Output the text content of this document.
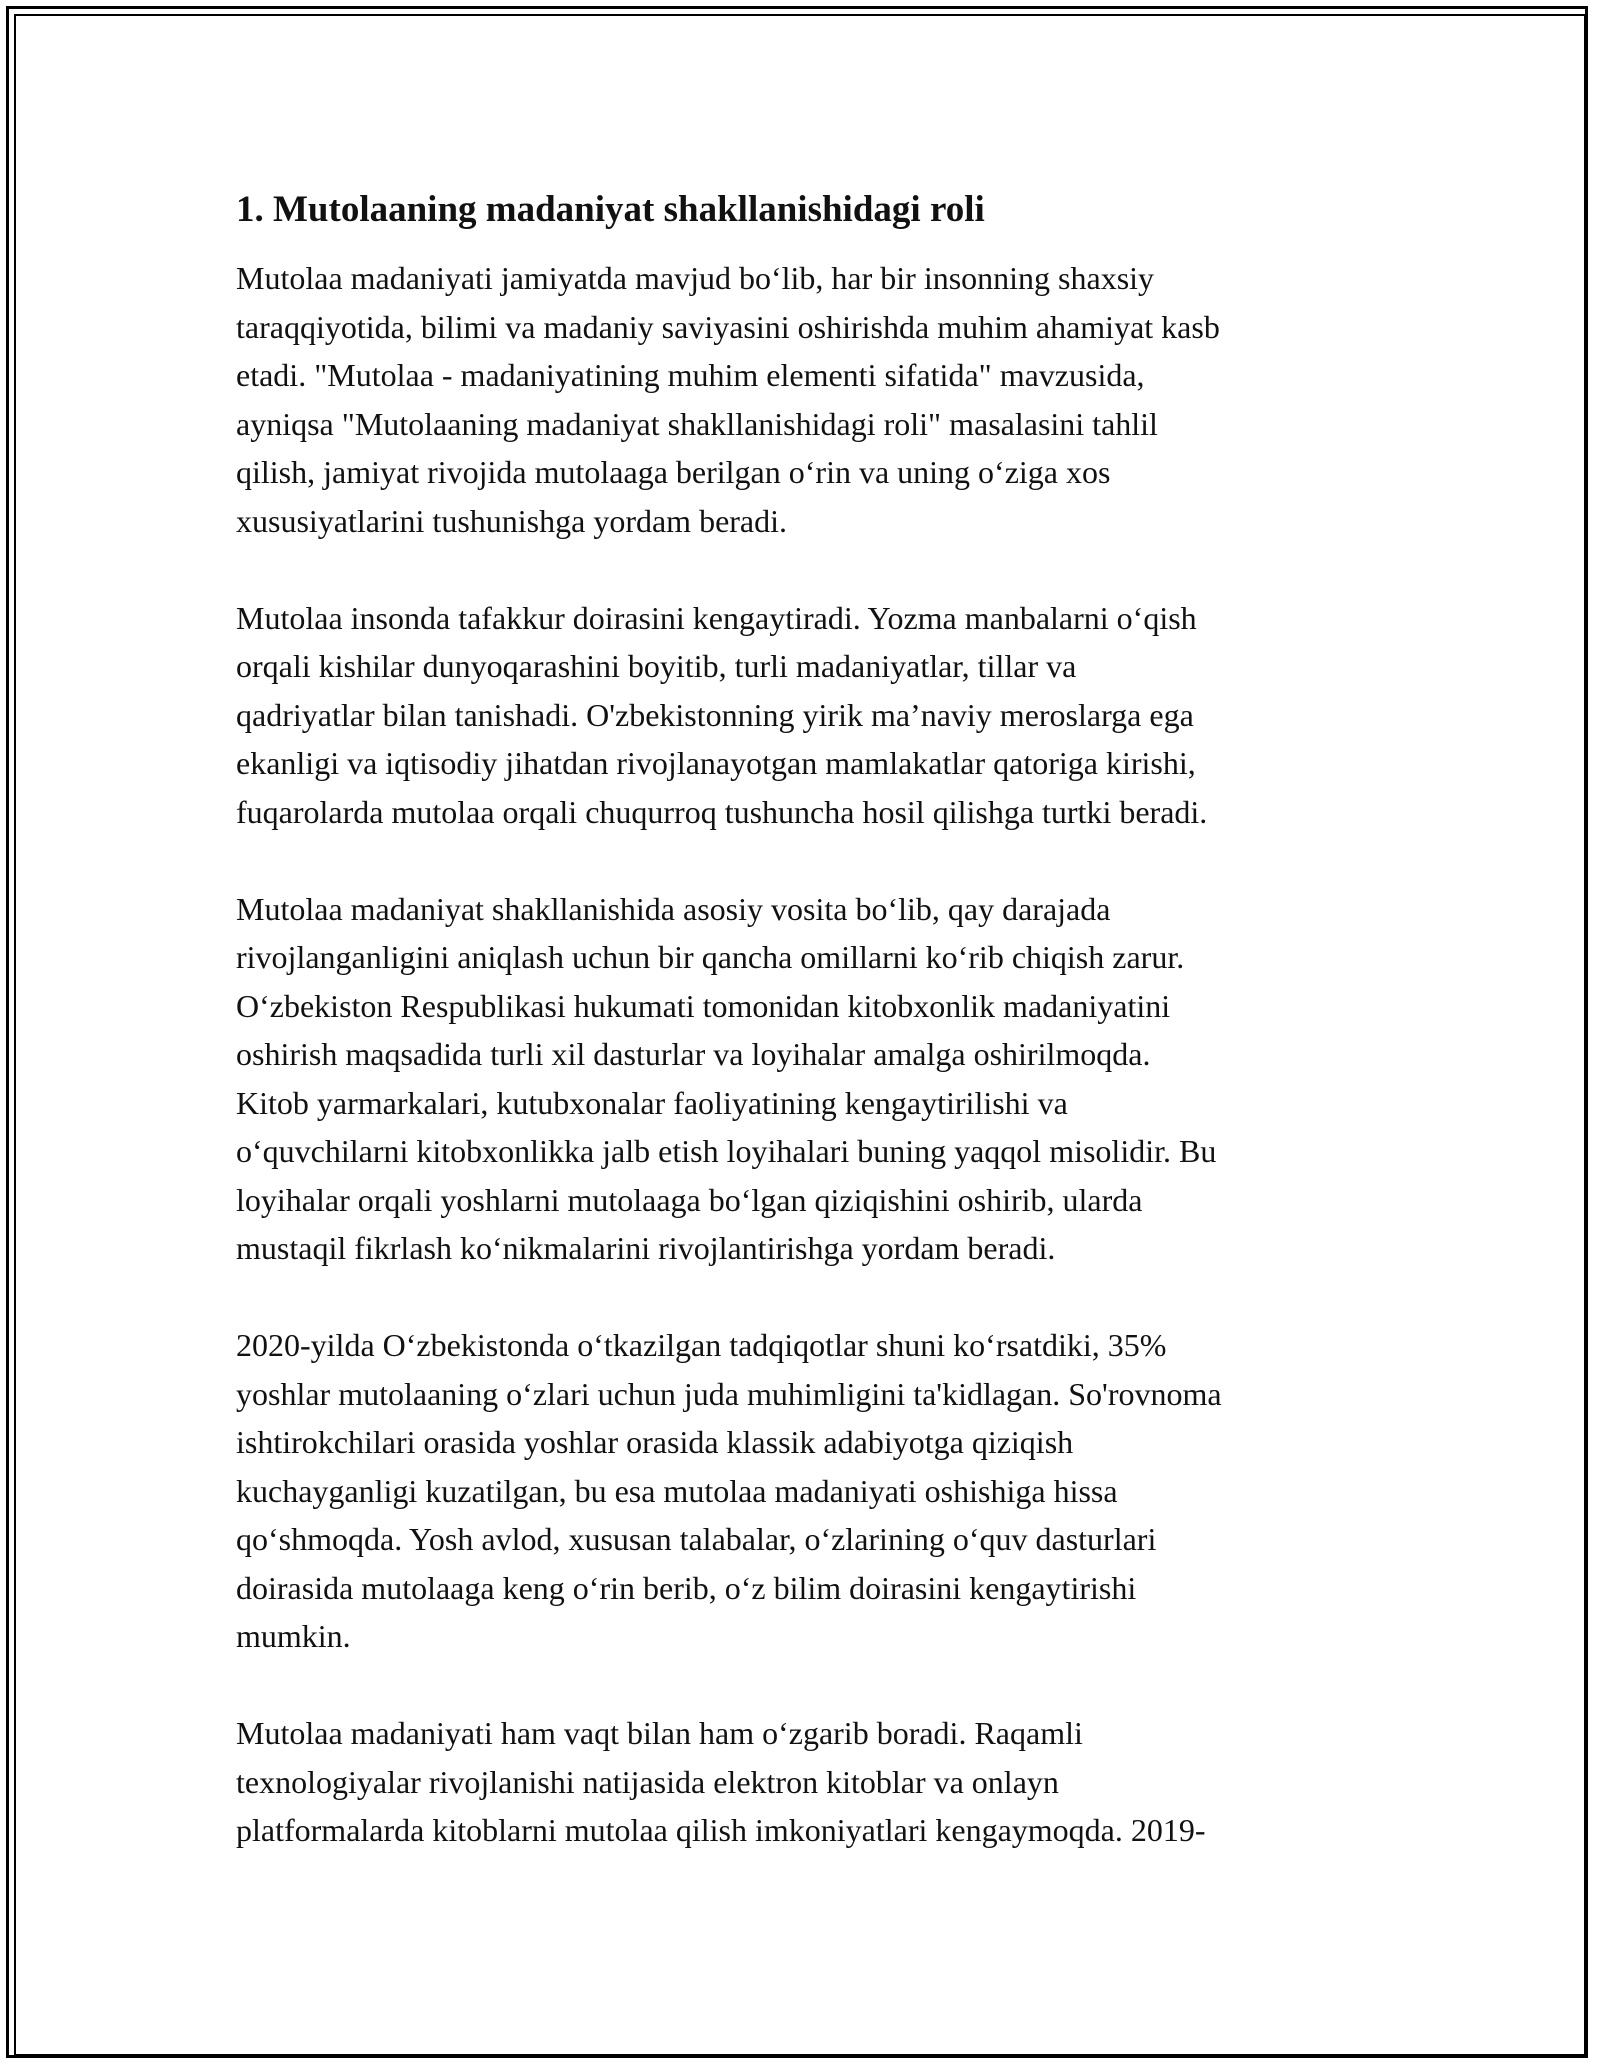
1. Mutolaaning madaniyat shakllanishidagi roli

Mutolaa madaniyati jamiyatda mavjud bo‘lib, har bir insonning shaxsiy
taraqqiyotida, bilimi va madaniy saviyasini oshirishda muhim ahamiyat kasb
etadi. "Mutolaa - madaniyatining muhim elementi sifatida" mavzusida,
ayniqsa "Mutolaaning madaniyat shakllanishidagi roli" masalasini tahlil
qilish, jamiyat rivojida mutolaaga berilgan o‘rin va uning o‘ziga xos
xususiyatlarini tushunishga yordam beradi.

Mutolaa insonda tafakkur doirasini kengaytiradi. Yozma manbalarni o‘qish
orqali kishilar dunyoqarashini boyitib, turli madaniyatlar, tillar va
qadriyatlar bilan tanishadi. O'zbekistonning yirik ma’naviy meroslarga ega
ekanligi va iqtisodiy jihatdan rivojlanayotgan mamlakatlar qatoriga kirishi,
fuqarolarda mutolaa orqali chuqurroq tushuncha hosil qilishga turtki beradi.

Mutolaa madaniyat shakllanishida asosiy vosita bo‘lib, qay darajada
rivojlanganligini aniqlash uchun bir qancha omillarni ko‘rib chiqish zarur.
O‘zbekiston Respublikasi hukumati tomonidan kitobxonlik madaniyatini
oshirish maqsadida turli xil dasturlar va loyihalar amalga oshirilmoqda.
Kitob yarmarkalari, kutubxonalar faoliyatining kengaytirilishi va
o‘quvchilarni kitobxonlikka jalb etish loyihalari buning yaqqol misolidir. Bu
loyihalar orqali yoshlarni mutolaaga bo‘lgan qiziqishini oshirib, ularda
mustaqil fikrlash ko‘nikmalarini rivojlantirishga yordam beradi.

2020-yilda O‘zbekistonda o‘tkazilgan tadqiqotlar shuni ko‘rsatdiki, 35%
yoshlar mutolaaning o‘zlari uchun juda muhimligini ta'kidlagan. So'rovnoma
ishtirokchilari orasida yoshlar orasida klassik adabiyotga qiziqish
kuchayganligi kuzatilgan, bu esa mutolaa madaniyati oshishiga hissa
qo‘shmoqda. Yosh avlod, xususan talabalar, o‘zlarining o‘quv dasturlari
doirasida mutolaaga keng o‘rin berib, o‘z bilim doirasini kengaytirishi
mumkin.

Mutolaa madaniyati ham vaqt bilan ham o‘zgarib boradi. Raqamli
texnologiyalar rivojlanishi natijasida elektron kitoblar va onlayn
platformalarda kitoblarni mutolaa qilish imkoniyatlari kengaymoqda. 2019-
